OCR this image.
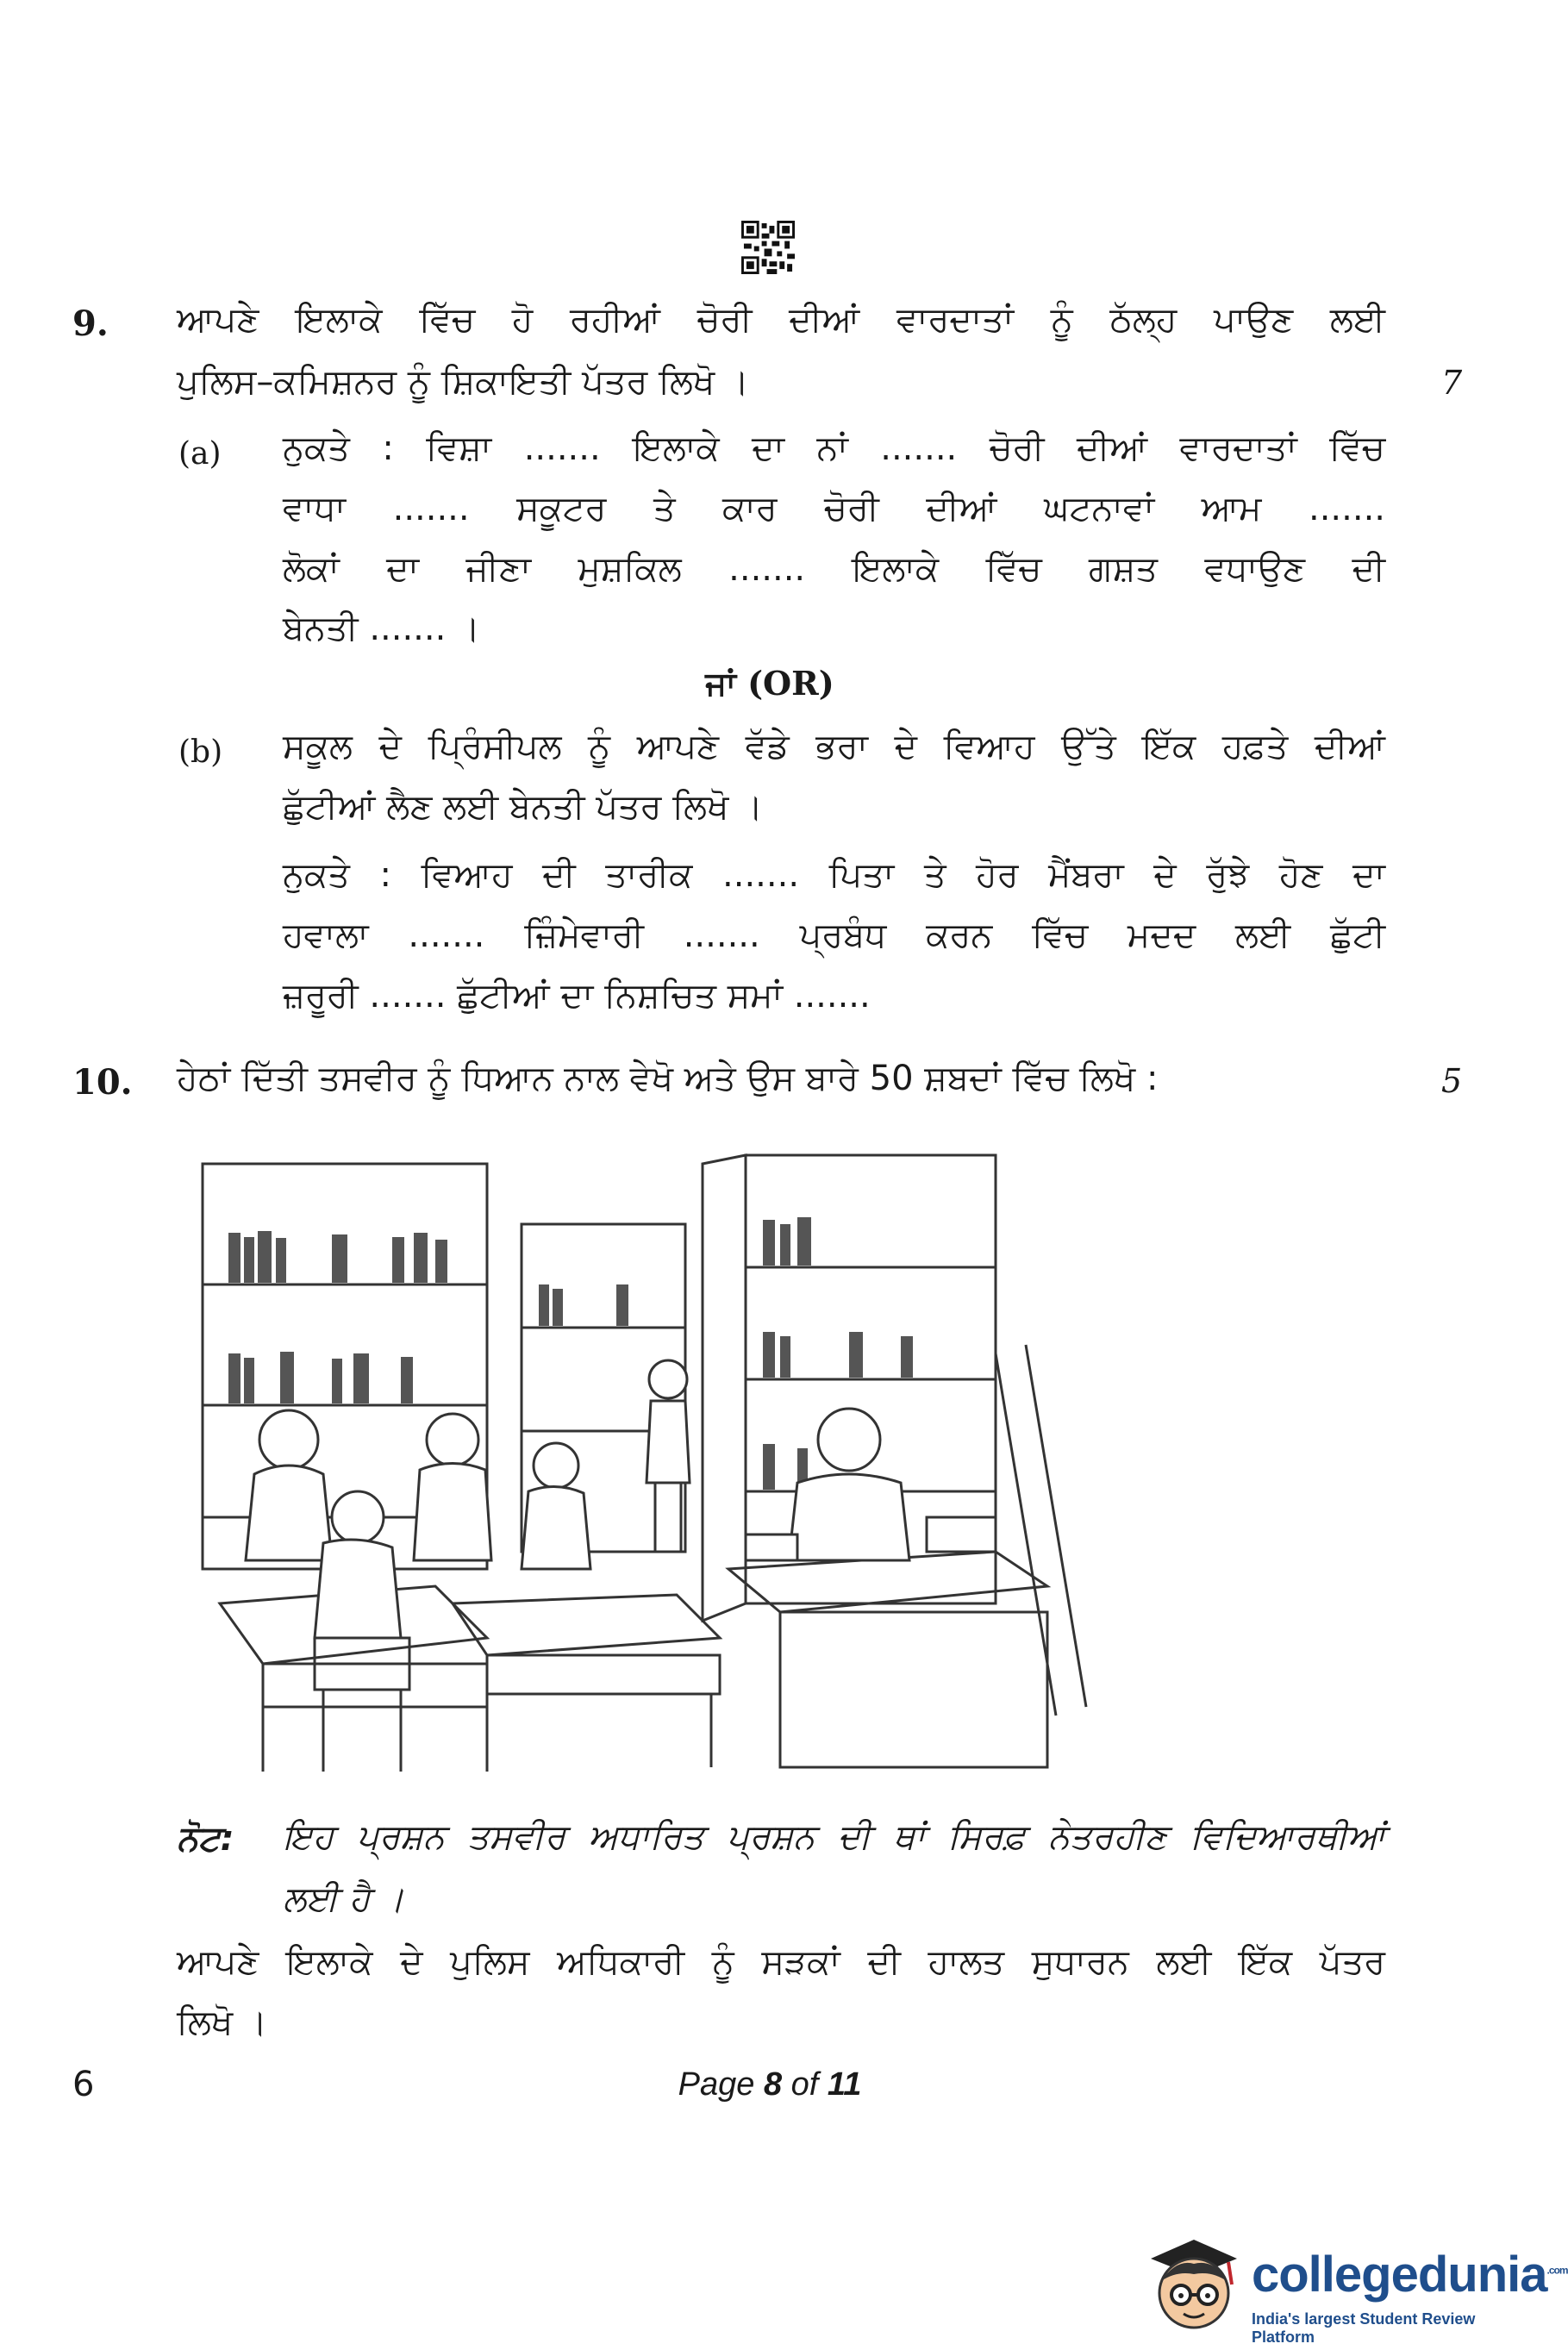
9. ਆਪਣੇ ਇਲਾਕੇ ਵਿੱਚ ਹੋ ਰਹੀਆਂ ਚੋਰੀ ਦੀਆਂ ਵਾਰਦਾਤਾਂ ਨੂੰ ਠੱਲ੍ਹ ਪਾਉਣ ਲਈ
ਪੁਲਿਸ–ਕਮਿਸ਼ਨਰ ਨੂੰ ਸ਼ਿਕਾਇਤੀ ਪੱਤਰ ਲਿਖੋ ।	7
(a) ਨੁਕਤੇ : ਵਿਸ਼ਾ ....... ਇਲਾਕੇ ਦਾ ਨਾਂ ....... ਚੋਰੀ ਦੀਆਂ ਵਾਰਦਾਤਾਂ ਵਿੱਚ
ਵਾਧਾ ....... ਸਕੂਟਰ ਤੇ ਕਾਰ ਚੋਰੀ ਦੀਆਂ ਘਟਨਾਵਾਂ ਆਮ .......
ਲੋਕਾਂ ਦਾ ਜੀਣਾ ਮੁਸ਼ਕਿਲ ....... ਇਲਾਕੇ ਵਿੱਚ ਗਸ਼ਤ ਵਧਾਉਣ ਦੀ
ਬੇਨਤੀ ....... ।
ਜਾਂ (OR)
(b) ਸਕੂਲ ਦੇ ਪ੍ਰਿੰਸੀਪਲ ਨੂੰ ਆਪਣੇ ਵੱਡੇ ਭਰਾ ਦੇ ਵਿਆਹ ਉੱਤੇ ਇੱਕ ਹਫ਼ਤੇ ਦੀਆਂ
ਛੁੱਟੀਆਂ ਲੈਣ ਲਈ ਬੇਨਤੀ ਪੱਤਰ ਲਿਖੋ ।
ਨੁਕਤੇ : ਵਿਆਹ ਦੀ ਤਾਰੀਕ ....... ਪਿਤਾ ਤੇ ਹੋਰ ਮੈਂਬਰਾ ਦੇ ਰੁੱਝੇ ਹੋਣ ਦਾ
ਹਵਾਲਾ ....... ਜ਼ਿੰਮੇਵਾਰੀ ....... ਪ੍ਰਬੰਧ ਕਰਨ ਵਿੱਚ ਮਦਦ ਲਈ ਛੁੱਟੀ
ਜ਼ਰੂਰੀ ....... ਛੁੱਟੀਆਂ ਦਾ ਨਿਸ਼ਚਿਤ ਸਮਾਂ .......
10. ਹੇਠਾਂ ਦਿੱਤੀ ਤਸਵੀਰ ਨੂੰ ਧਿਆਨ ਨਾਲ ਵੇਖੋ ਅਤੇ ਉਸ ਬਾਰੇ 50 ਸ਼ਬਦਾਂ ਵਿੱਚ ਲਿਖੋ :	5
ਨੋਟ: ਇਹ ਪ੍ਰਸ਼ਨ ਤਸਵੀਰ ਅਧਾਰਿਤ ਪ੍ਰਸ਼ਨ ਦੀ ਥਾਂ ਸਿਰਫ਼ ਨੇਤਰਹੀਣ ਵਿਦਿਆਰਥੀਆਂ
ਲਈ ਹੈ ।
ਆਪਣੇ ਇਲਾਕੇ ਦੇ ਪੁਲਿਸ ਅਧਿਕਾਰੀ ਨੂੰ ਸੜਕਾਂ ਦੀ ਹਾਲਤ ਸੁਧਾਰਨ ਲਈ ਇੱਕ ਪੱਤਰ
ਲਿਖੋ ।
6	Page 8 of 11
collegedunia$^{.com}$
India's largest Student Review Platform
